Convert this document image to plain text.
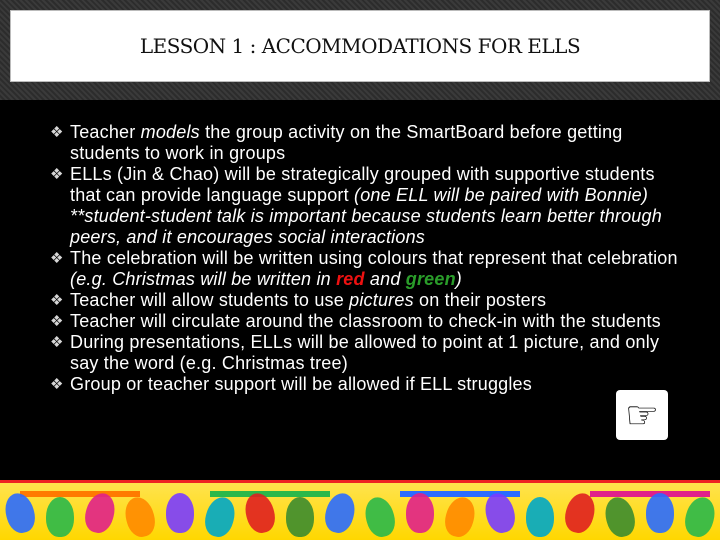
LESSON 1 : ACCOMMODATIONS FOR ELLS
❖ Teacher models the group activity on the SmartBoard before getting students to work in groups
❖ ELLs (Jin & Chao) will be strategically grouped with supportive students that can provide language support (one ELL will be paired with Bonnie) **student-student talk is important because students learn better through peers, and it encourages social interactions
❖ The celebration will be written using colours that represent that celebration (e.g. Christmas will be written in red and green)
❖ Teacher will allow students to use pictures on their posters
❖ Teacher will circulate around the classroom to check-in with the students
❖ During presentations, ELLs will be allowed to point at 1 picture, and only say the word (e.g. Christmas tree)
❖ Group or teacher support will be allowed if ELL struggles
☞
